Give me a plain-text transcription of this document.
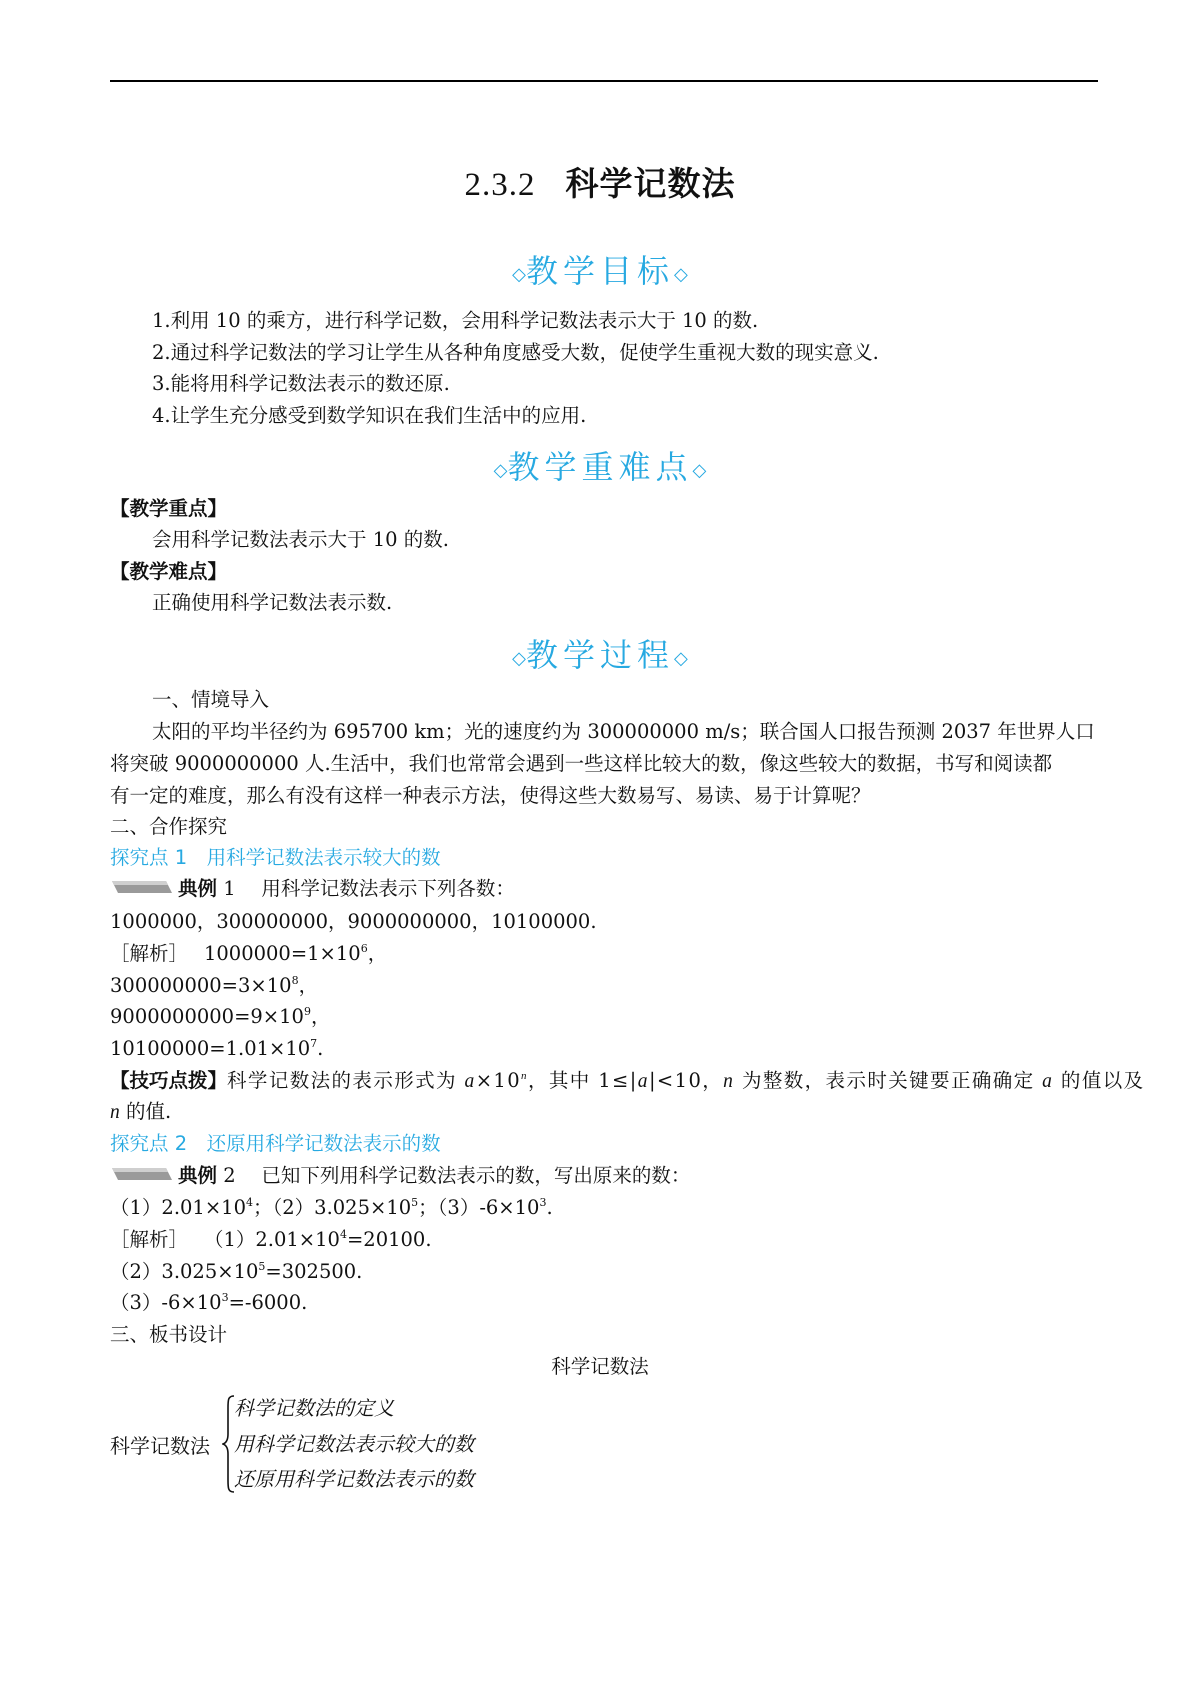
2.3.2 科学记数法
◇教学目标◇
1.利用 10 的乘方，进行科学记数，会用科学记数法表示大于 10 的数.
2.通过科学记数法的学习让学生从各种角度感受大数，促使学生重视大数的现实意义.
3.能将用科学记数法表示的数还原.
4.让学生充分感受到数学知识在我们生活中的应用.
◇教学重难点◇
【教学重点】
会用科学记数法表示大于 10 的数.
【教学难点】
正确使用科学记数法表示数.
◇教学过程◇
一、情境导入
太阳的平均半径约为 695700 km；光的速度约为 300000000 m/s；联合国人口报告预测 2037 年世界人口
将突破 9000000000 人.生活中，我们也常常会遇到一些这样比较大的数，像这些较大的数据，书写和阅读都
有一定的难度，那么有没有这样一种表示方法，使得这些大数易写、易读、易于计算呢？
二、合作探究
探究点 1　用科学记数法表示较大的数
典例 1　 用科学记数法表示下列各数：
1000000，300000000，9000000000，10100000.
［解析］　 $1000000=1\times 10^6$，
$300000000=3\times 10^8$，
$9000000000=9\times 10^9$，
$10100000=1.01\times 10^7$.
【技巧点拨】科学记数法的表示形式为 $a\times 10^n$，其中 1≤|a|<10，n 为整数，表示时关键要正确确定 a 的值以及
n 的值.
探究点 2　还原用科学记数法表示的数
典例 2　 已知下列用科学记数法表示的数，写出原来的数：
$(1)2.01\times 10^4$；$(2)3.025\times 10^5$；$(3)-6\times 10^3$.
［解析］　 $(1)2.01\times 10^4=20100$.
$(2)3.025\times 10^5=302500$.
$(3)-6\times 10^3=-6000$.
三、板书设计
科学记数法
科学记数法
科学记数法的定义
用科学记数法表示较大的数
还原用科学记数法表示的数
